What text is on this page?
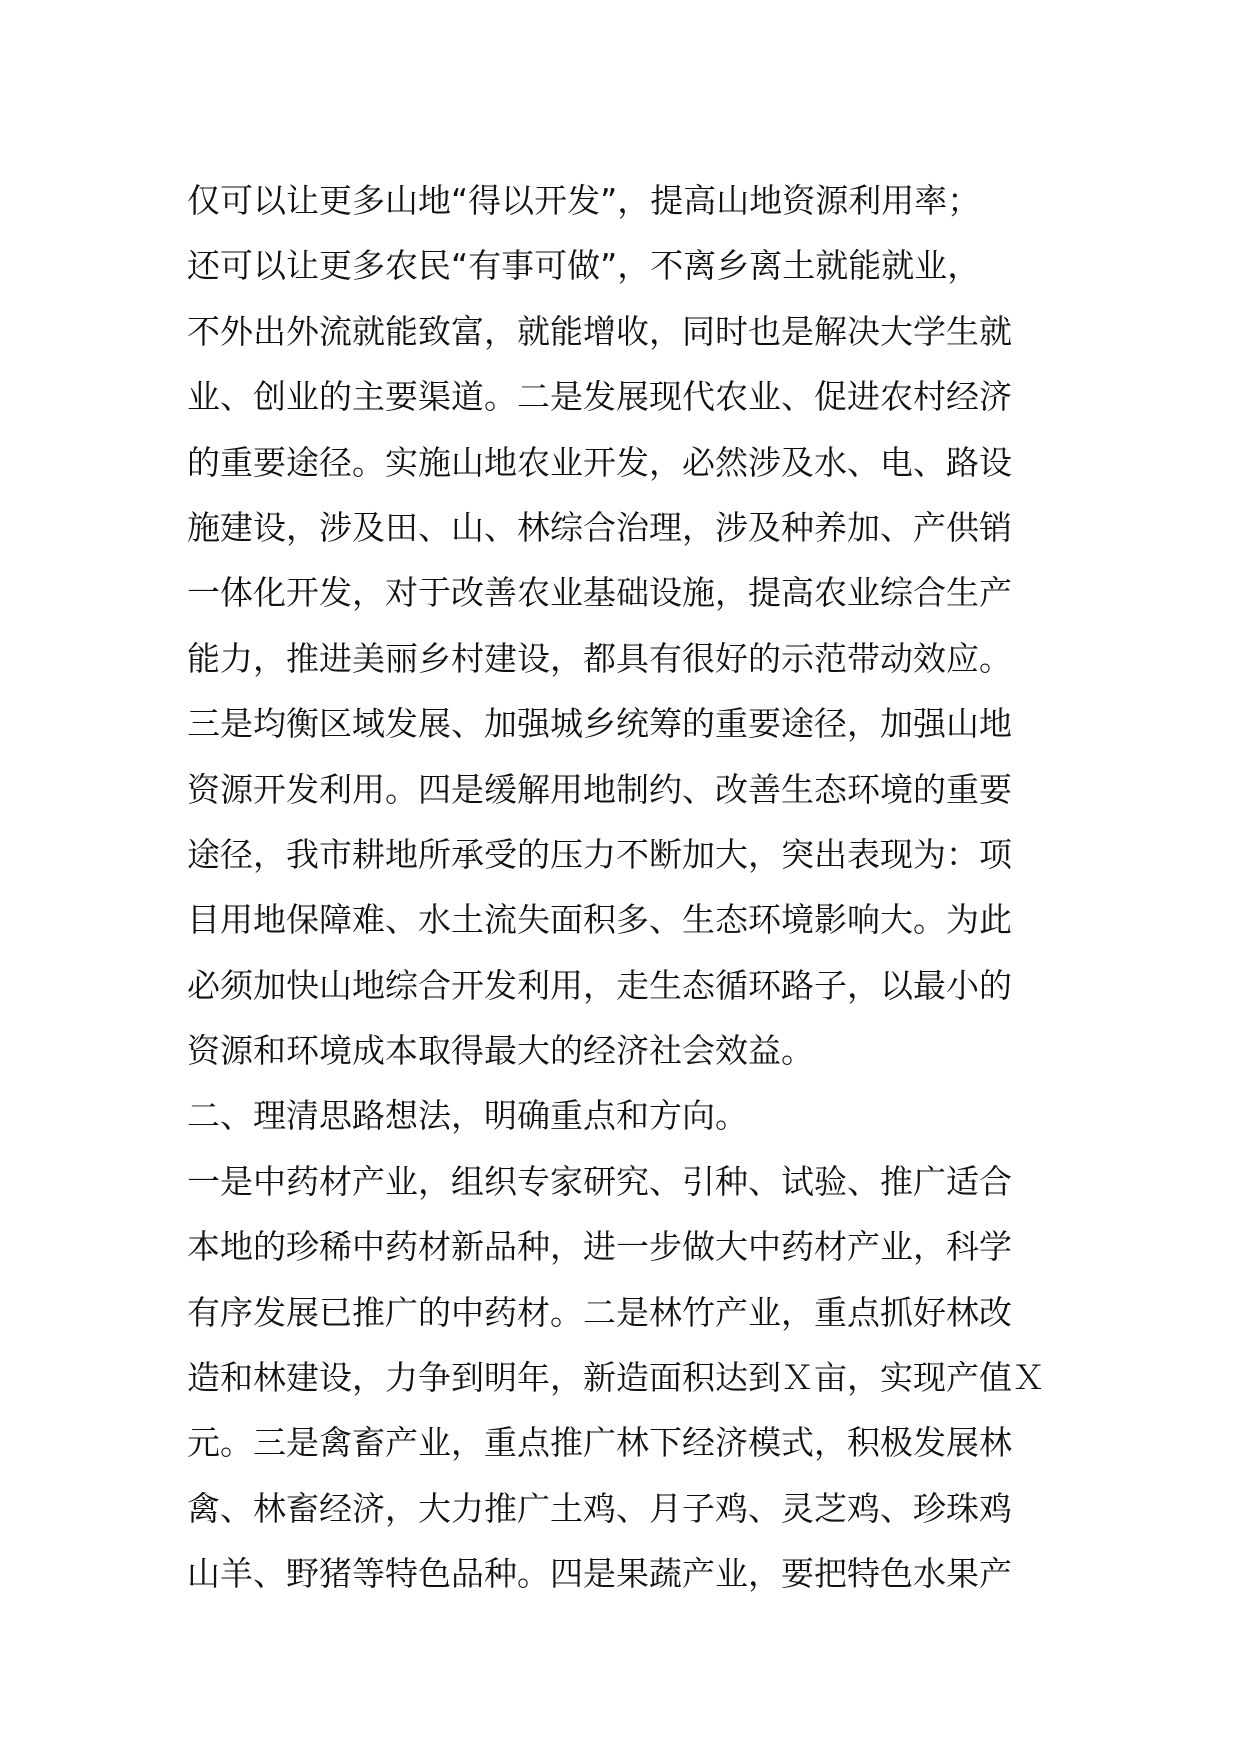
仅可以让更多山地“得以开发”，提高山地资源利用率；
还可以让更多农民“有事可做”，不离乡离土就能就业，
不外出外流就能致富，就能增收，同时也是解决大学生就
业、创业的主要渠道。二是发展现代农业、促进农村经济
的重要途径。实施山地农业开发，必然涉及水、电、路设
施建设，涉及田、山、林综合治理，涉及种养加、产供销
一体化开发，对于改善农业基础设施，提高农业综合生产
能力，推进美丽乡村建设，都具有很好的示范带动效应。
三是均衡区域发展、加强城乡统筹的重要途径，加强山地
资源开发利用。四是缓解用地制约、改善生态环境的重要
途径，我市耕地所承受的压力不断加大，突出表现为：项
目用地保障难、水土流失面积多、生态环境影响大。为此
必须加快山地综合开发利用，走生态循环路子，以最小的
资源和环境成本取得最大的经济社会效益。
二、理清思路想法，明确重点和方向。
一是中药材产业，组织专家研究、引种、试验、推广适合
本地的珍稀中药材新品种，进一步做大中药材产业，科学
有序发展已推广的中药材。二是林竹产业，重点抓好林改
造和林建设，力争到明年，新造面积达到Ｘ亩，实现产值Ｘ
元。三是禽畜产业，重点推广林下经济模式，积极发展林
禽、林畜经济，大力推广土鸡、月子鸡、灵芝鸡、珍珠鸡
山羊、野猪等特色品种。四是果蔬产业，要把特色水果产
